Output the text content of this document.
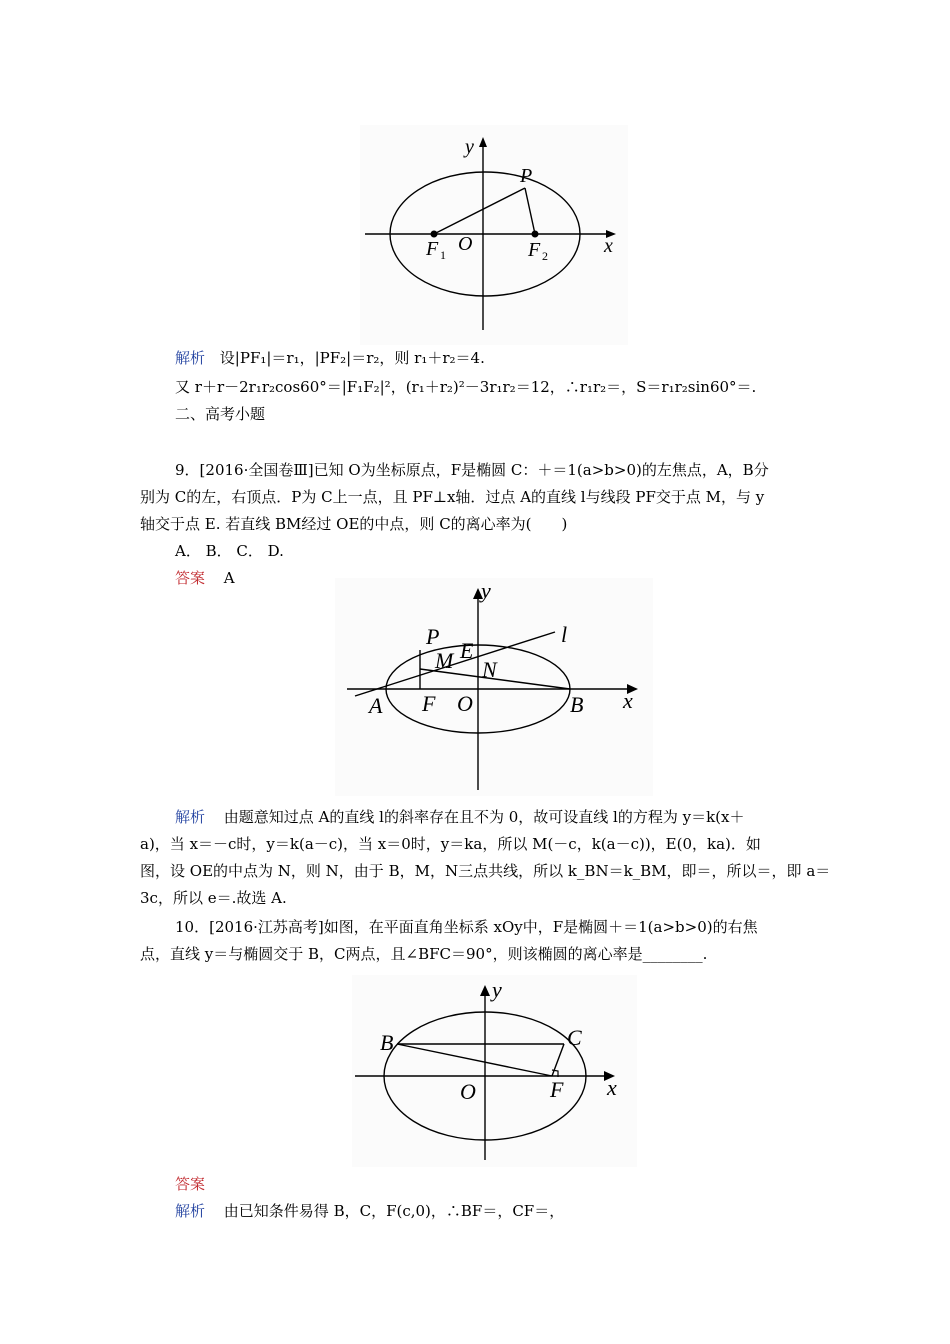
y
P
F 1 O	F 2	x
解析 设|PF₁|＝r₁，|PF₂|＝r₂，则 r₁＋r₂＝4.
又 r＋r－2r₁r₂cos60°＝|F₁F₂|²，(r₁＋r₂)²－3r₁r₂＝12，∴r₁r₂＝，S＝r₁r₂sin60°＝.
二、高考小题
9．[2016·全国卷Ⅲ]已知 O为坐标原点，F是椭圆 C：＋＝1(a>b>0)的左焦点，A，B分
别为 C的左，右顶点．P为 C上一点，且 PF⊥x轴．过点 A的直线 l与线段 PF交于点 M，与 y
轴交于点 E. 若直线 BM经过 OE的中点，则 C的离心率为(　　)
A． B． C． D.
答案 A	y
l
P
M E
N
A F O	B x
解析 由题意知过点 A的直线 l的斜率存在且不为 0，故可设直线 l的方程为 y＝k(x＋
a)，当 x＝－c时，y＝k(a－c)，当 x＝0时，y＝ka，所以 M(－c，k(a－c))，E(0，ka)．如
图，设 OE的中点为 N，则 N，由于 B，M，N三点共线，所以 k_BN＝k_BM，即＝，所以＝，即 a＝
3c，所以 e＝.故选 A.
10．[2016·江苏高考]如图，在平面直角坐标系 xOy中，F是椭圆＋＝1(a>b>0)的右焦
点，直线 y＝与椭圆交于 B，C两点，且∠BFC＝90°，则该椭圆的离心率是________.
y
B	C
O	F x
答案
解析 由已知条件易得 B，C，F(c,0)，∴BF＝，CF＝，
